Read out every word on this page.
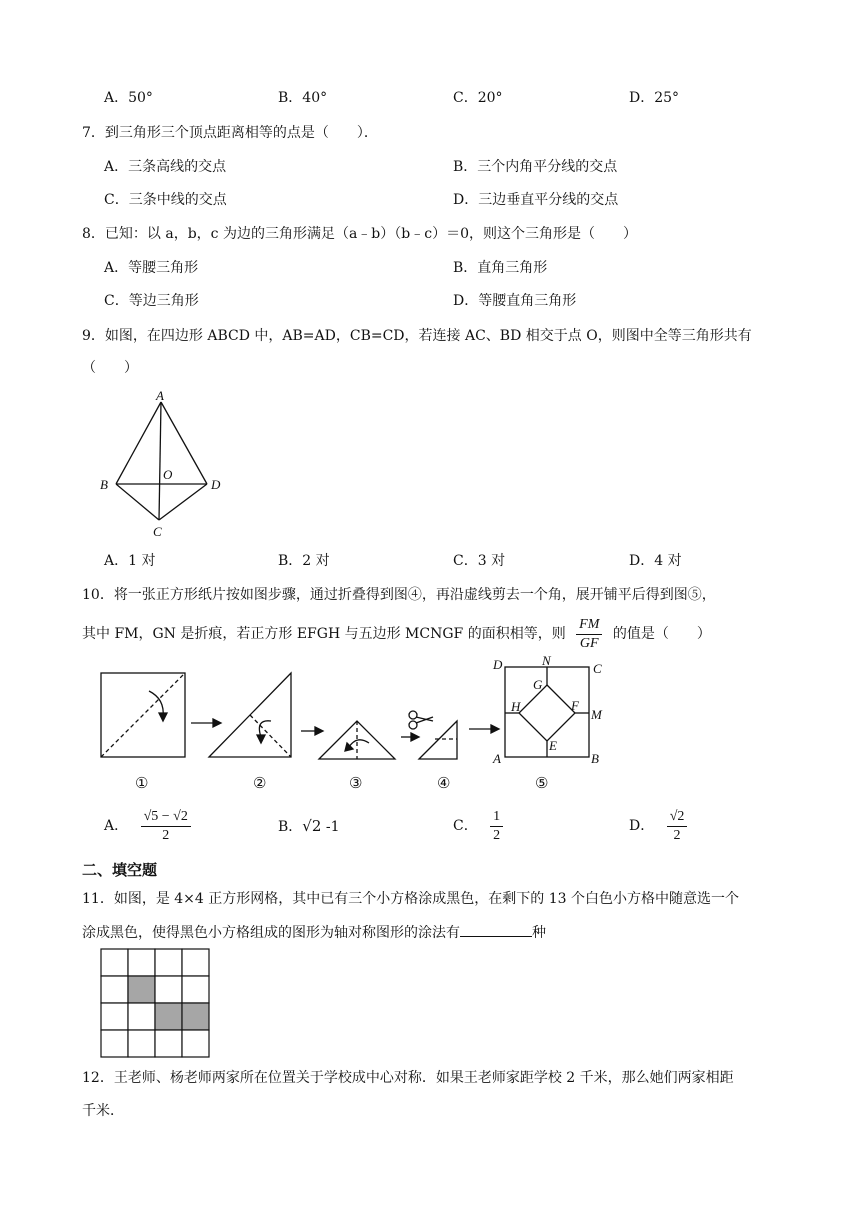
A．50°	B．40°	C．20°	D．25°
7．到三角形三个顶点距离相等的点是（　　）．
A．三条高线的交点	B．三个内角平分线的交点
C．三条中线的交点	D．三边垂直平分线的交点
8．已知：以 a，b，c 为边的三角形满足（a﹣b）（b﹣c）＝0，则这个三角形是（　　）
A．等腰三角形	B．直角三角形
C．等边三角形	D．等腰直角三角形
9．如图，在四边形 ABCD 中，AB=AD，CB=CD，若连接 AC、BD 相交于点 O，则图中全等三角形共有
（　　）
A
B
O
D
C
A．1 对	B．2 对	C．3 对	D．4 对
10．将一张正方形纸片按如图步骤，通过折叠得到图④，再沿虚线剪去一个角，展开铺平后得到图⑤，
其中 FM，GN 是折痕，若正方形 EFGH 与五边形 MCNGF 的面积相等，则 $\frac{FM}{GF}$ 的值是（　　）
①	②	③	④	⑤
D	N
C
G
H	F
M
E
A	B
A． $\frac{√5 - √2}{2}$	B．√2 -1	C． $\frac{1}{2}$	D． $\frac{√2}{2}$
二、填空题
11．如图，是 4×4 正方形网格，其中已有三个小方格涂成黑色，在剩下的 13 个白色小方格中随意选一个
涂成黑色，使得黑色小方格组成的图形为轴对称图形的涂法有	种
12．王老师、杨老师两家所在位置关于学校成中心对称．如果王老师家距学校 2 千米，那么她们两家相距
千米．
